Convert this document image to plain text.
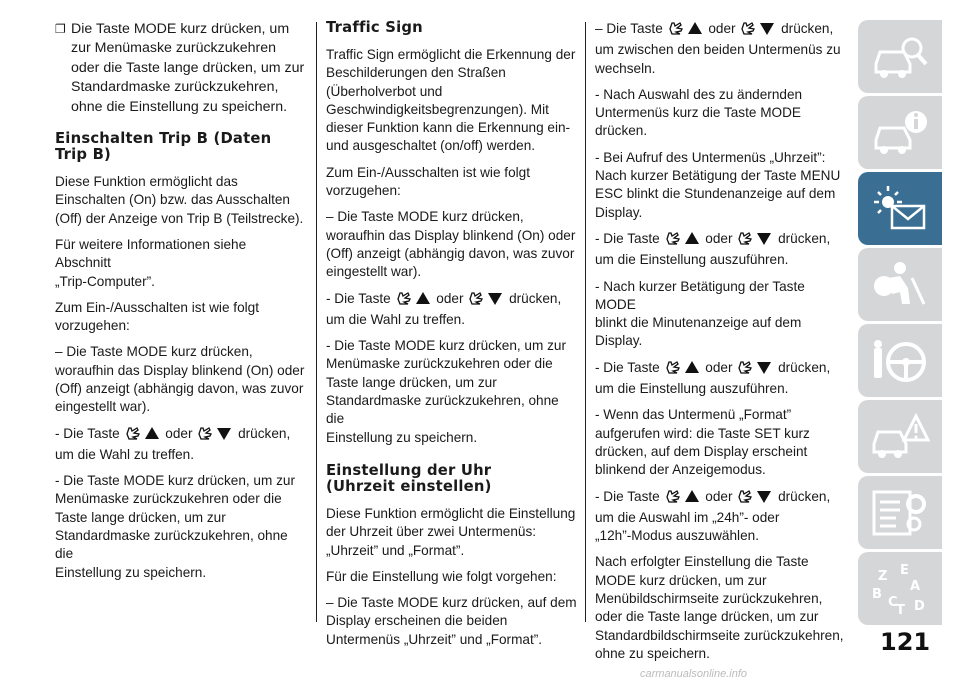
❐ Die Taste MODE kurz drücken, um
zur Menümaske zurückzukehren
oder die Taste lange drücken, um zur
Standardmaske zurückzukehren,
ohne die Einstellung zu speichern.
Einschalten Trip B (Daten
Trip B)

Diese Funktion ermöglicht das
Einschalten (On) bzw. das Ausschalten
(Off) der Anzeige von Trip B (Teilstrecke).

Für weitere Informationen siehe Abschnitt
„Trip-Computer”.

Zum Ein-/Ausschalten ist wie folgt
vorzugehen:

– Die Taste MODE kurz drücken,
woraufhin das Display blinkend (On) oder
(Off) anzeigt (abhängig davon, was zuvor
eingestellt war).

- Die Taste	oder	drücken,
um die Wahl zu treffen.

- Die Taste MODE kurz drücken, um zur
Menümaske zurückzukehren oder die
Taste lange drücken, um zur
Standardmaske zurückzukehren, ohne die
Einstellung zu speichern.

Traffic Sign

Traffic Sign ermöglicht die Erkennung der
Beschilderungen den Straßen
(Überholverbot und
Geschwindigkeitsbegrenzungen). Mit
dieser Funktion kann die Erkennung ein-
und ausgeschaltet (on/off) werden.

Zum Ein-/Ausschalten ist wie folgt
vorzugehen:

– Die Taste MODE kurz drücken,
woraufhin das Display blinkend (On) oder
(Off) anzeigt (abhängig davon, was zuvor
eingestellt war).

- Die Taste	oder	drücken,
um die Wahl zu treffen.

- Die Taste MODE kurz drücken, um zur
Menümaske zurückzukehren oder die
Taste lange drücken, um zur
Standardmaske zurückzukehren, ohne die
Einstellung zu speichern.

Einstellung der Uhr
(Uhrzeit einstellen)

Diese Funktion ermöglicht die Einstellung
der Uhrzeit über zwei Untermenüs:
„Uhrzeit” und „Format”.

Für die Einstellung wie folgt vorgehen:

– Die Taste MODE kurz drücken, auf dem
Display erscheinen die beiden
Untermenüs „Uhrzeit” und „Format”.

– Die Taste	oder	drücken,
um zwischen den beiden Untermenüs zu
wechseln.

- Nach Auswahl des zu ändernden
Untermenüs kurz die Taste MODE
drücken.

- Bei Aufruf des Untermenüs „Uhrzeit”:
Nach kurzer Betätigung der Taste MENU
ESC blinkt die Stundenanzeige auf dem
Display.

- Die Taste	oder	drücken,
um die Einstellung auszuführen.

- Nach kurzer Betätigung der Taste MODE
blinkt die Minutenanzeige auf dem
Display.

- Die Taste	oder	drücken,
um die Einstellung auszuführen.

- Wenn das Untermenü „Format”
aufgerufen wird: die Taste SET kurz
drücken, auf dem Display erscheint
blinkend der Anzeigemodus.

- Die Taste	oder	drücken,
um die Auswahl im „24h”- oder
„12h”-Modus auszuwählen.

Nach erfolgter Einstellung die Taste
MODE kurz drücken, um zur
Menübildschirmseite zurückzukehren,
oder die Taste lange drücken, um zur
Standardbildschirmseite zurückzukehren,
ohne zu speichern.

Z E
A
B
C D
T
121
carmanualsonline.info
